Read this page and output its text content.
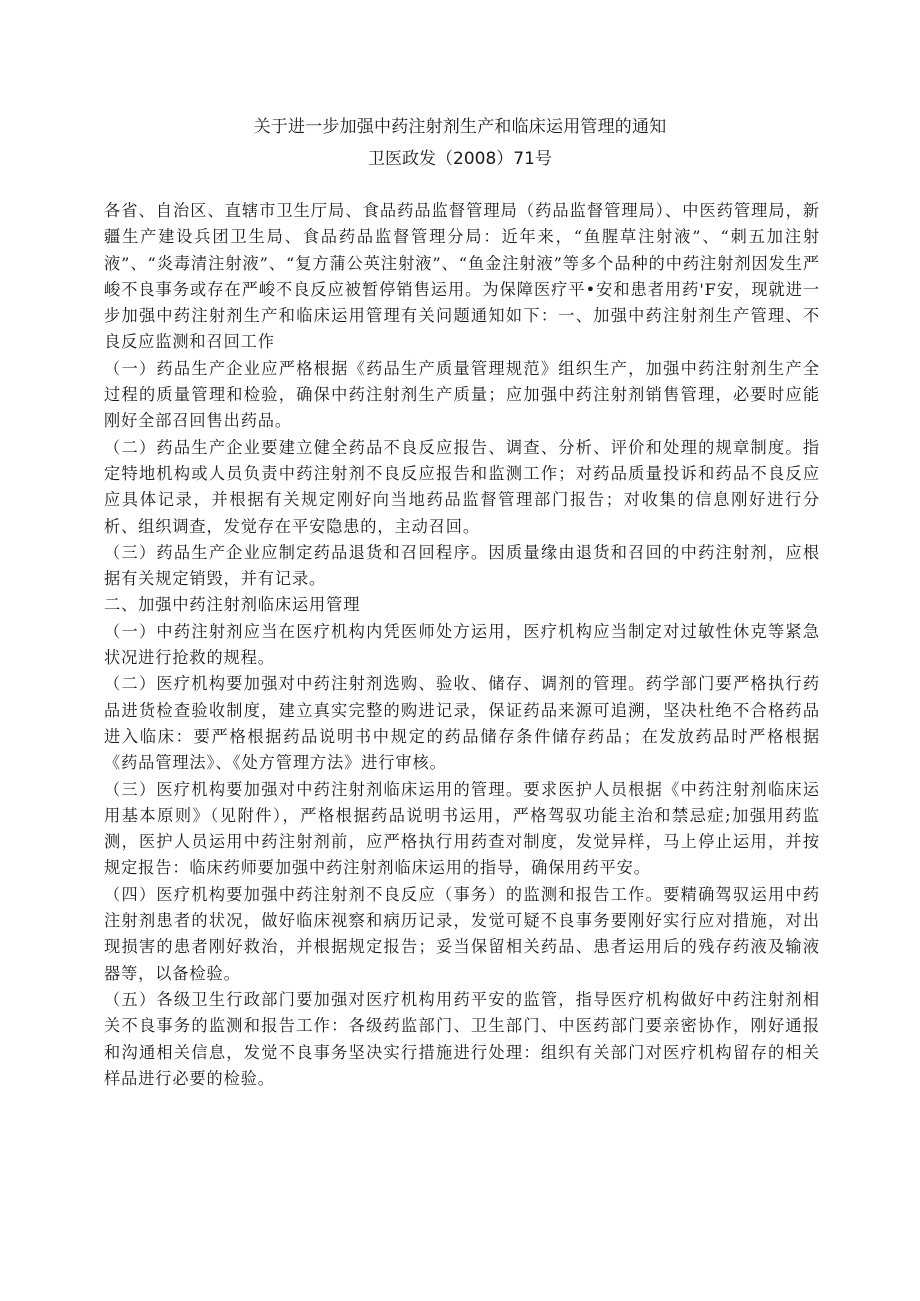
关于进一步加强中药注射剂生产和临床运用管理的通知
卫医政发（2008）71号

各省、自治区、直辖市卫生厅局、食品药品监督管理局（药品监督管理局）、中医药管理局，新疆生产建设兵团卫生局、食品药品监督管理分局：近年来，“鱼腥草注射液”、“刺五加注射液”、“炎毒清注射液”、“复方蒲公英注射液”、“鱼金注射液”等多个品种的中药注射剂因发生严峻不良事务或存在严峻不良反应被暂停销售运用。为保障医疗平•安和患者用药'F安，现就进一步加强中药注射剂生产和临床运用管理有关问题通知如下：一、加强中药注射剂生产管理、不良反应监测和召回工作

（一）药品生产企业应严格根据《药品生产质量管理规范》组织生产，加强中药注射剂生产全过程的质量管理和检验，确保中药注射剂生产质量；应加强中药注射剂销售管理，必要时应能刚好全部召回售出药品。

（二）药品生产企业要建立健全药品不良反应报告、调查、分析、评价和处理的规章制度。指定特地机构或人员负责中药注射剂不良反应报告和监测工作；对药品质量投诉和药品不良反应应具体记录，并根据有关规定刚好向当地药品监督管理部门报告；对收集的信息刚好进行分析、组织调查，发觉存在平安隐患的，主动召回。

（三）药品生产企业应制定药品退货和召回程序。因质量缘由退货和召回的中药注射剂，应根据有关规定销毁，并有记录。

二、加强中药注射剂临床运用管理

（一）中药注射剂应当在医疗机构内凭医师处方运用，医疗机构应当制定对过敏性休克等紧急状况进行抢救的规程。

（二）医疗机构要加强对中药注射剂选购、验收、储存、调剂的管理。药学部门要严格执行药品进货检查验收制度，建立真实完整的购进记录，保证药品来源可追溯，坚决杜绝不合格药品进入临床：要严格根据药品说明书中规定的药品储存条件储存药品；在发放药品时严格根据《药品管理法》、《处方管理方法》进行审核。

（三）医疗机构要加强对中药注射剂临床运用的管理。要求医护人员根据《中药注射剂临床运用基本原则》（见附件），严格根据药品说明书运用，严格驾驭功能主治和禁忌症;加强用药监测，医护人员运用中药注射剂前，应严格执行用药查对制度，发觉异样，马上停止运用，并按规定报告：临床药师要加强中药注射剂临床运用的指导，确保用药平安。

（四）医疗机构要加强中药注射剂不良反应（事务）的监测和报告工作。要精确驾驭运用中药注射剂患者的状况，做好临床视察和病历记录，发觉可疑不良事务要刚好实行应对措施，对出现损害的患者刚好救治，并根据规定报告；妥当保留相关药品、患者运用后的残存药液及输液器等，以备检验。

（五）各级卫生行政部门要加强对医疗机构用药平安的监管，指导医疗机构做好中药注射剂相关不良事务的监测和报告工作：各级药监部门、卫生部门、中医药部门要亲密协作，刚好通报和沟通相关信息，发觉不良事务坚决实行措施进行处理：组织有关部门对医疗机构留存的相关样品进行必要的检验。
